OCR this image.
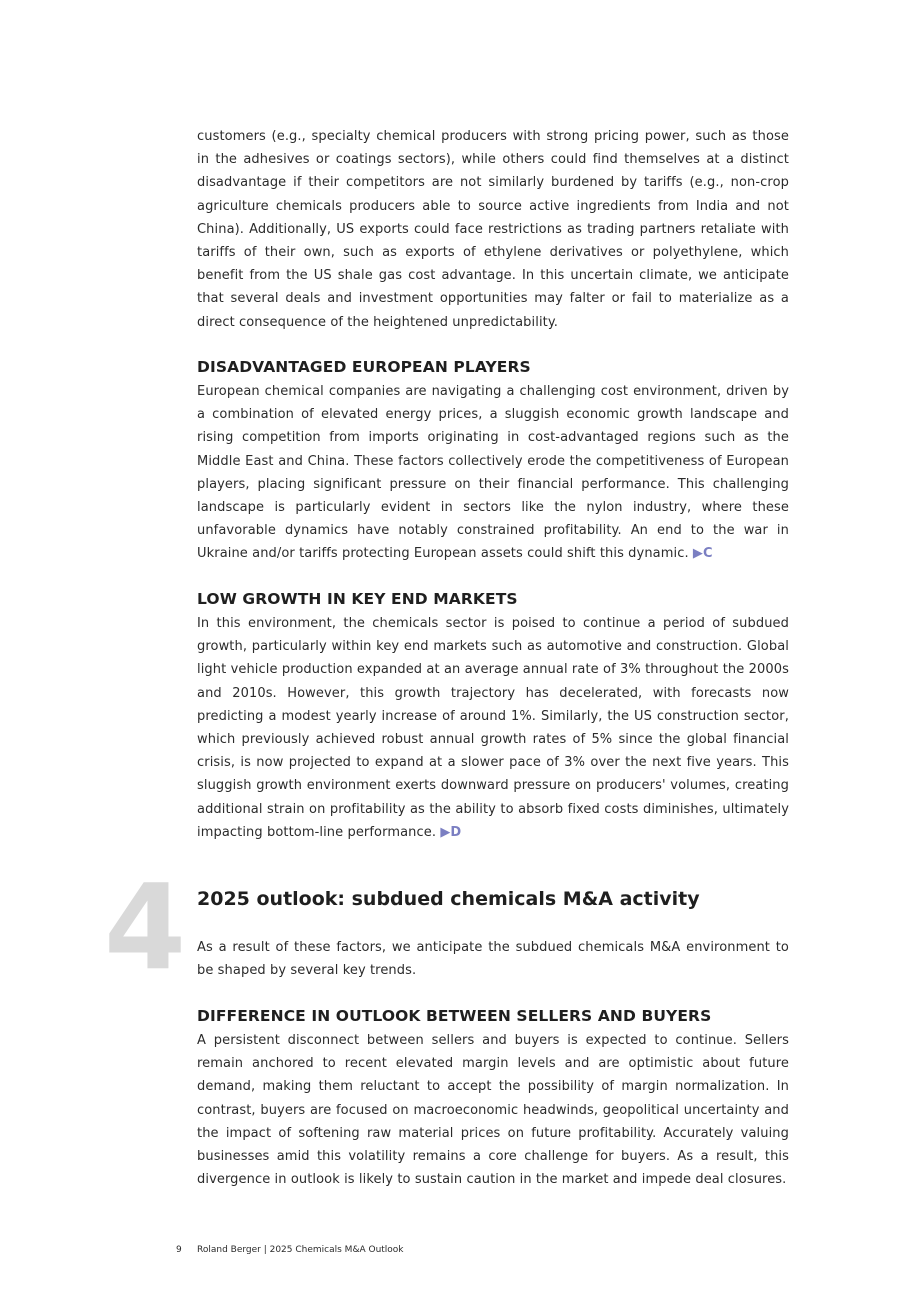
customers (e.g., specialty chemical producers with strong pricing power, such as those in the adhesives or coatings sectors), while others could find themselves at a distinct disadvantage if their competitors are not similarly burdened by tariffs (e.g., non-crop agriculture chemicals producers able to source active ingredients from India and not China). Additionally, US exports could face restrictions as trading partners retaliate with tariffs of their own, such as exports of ethylene derivatives or polyethylene, which benefit from the US shale gas cost advantage. In this uncertain climate, we anticipate that several deals and investment opportunities may falter or fail to materialize as a direct consequence of the heightened unpredictability.

DISADVANTAGED EUROPEAN PLAYERS

European chemical companies are navigating a challenging cost environment, driven by a combination of elevated energy prices, a sluggish economic growth landscape and rising competition from imports originating in cost-advantaged regions such as the Middle East and China. These factors collectively erode the competitiveness of European players, placing significant pressure on their financial performance. This challenging landscape is particularly evident in sectors like the nylon industry, where these unfavorable dynamics have notably constrained profitability. An end to the war in Ukraine and/or tariffs protecting European assets could shift this dynamic. ▶C

LOW GROWTH IN KEY END MARKETS

In this environment, the chemicals sector is poised to continue a period of subdued growth, particularly within key end markets such as automotive and construction. Global light vehicle production expanded at an average annual rate of 3% throughout the 2000s and 2010s. However, this growth trajectory has decelerated, with forecasts now predicting a modest yearly increase of around 1%. Similarly, the US construction sector, which previously achieved robust annual growth rates of 5% since the global financial crisis, is now projected to expand at a slower pace of 3% over the next five years. This sluggish growth environment exerts downward pressure on producers' volumes, creating additional strain on profitability as the ability to absorb fixed costs diminishes, ultimately impacting bottom-line performance. ▶D

4 2025 outlook: subdued chemicals M&A activity

As a result of these factors, we anticipate the subdued chemicals M&A environment to be shaped by several key trends.

DIFFERENCE IN OUTLOOK BETWEEN SELLERS AND BUYERS

A persistent disconnect between sellers and buyers is expected to continue. Sellers remain anchored to recent elevated margin levels and are optimistic about future demand, making them reluctant to accept the possibility of margin normalization. In contrast, buyers are focused on macroeconomic headwinds, geopolitical uncertainty and the impact of softening raw material prices on future profitability. Accurately valuing businesses amid this volatility remains a core challenge for buyers. As a result, this divergence in outlook is likely to sustain caution in the market and impede deal closures.

9 Roland Berger | 2025 Chemicals M&A Outlook
